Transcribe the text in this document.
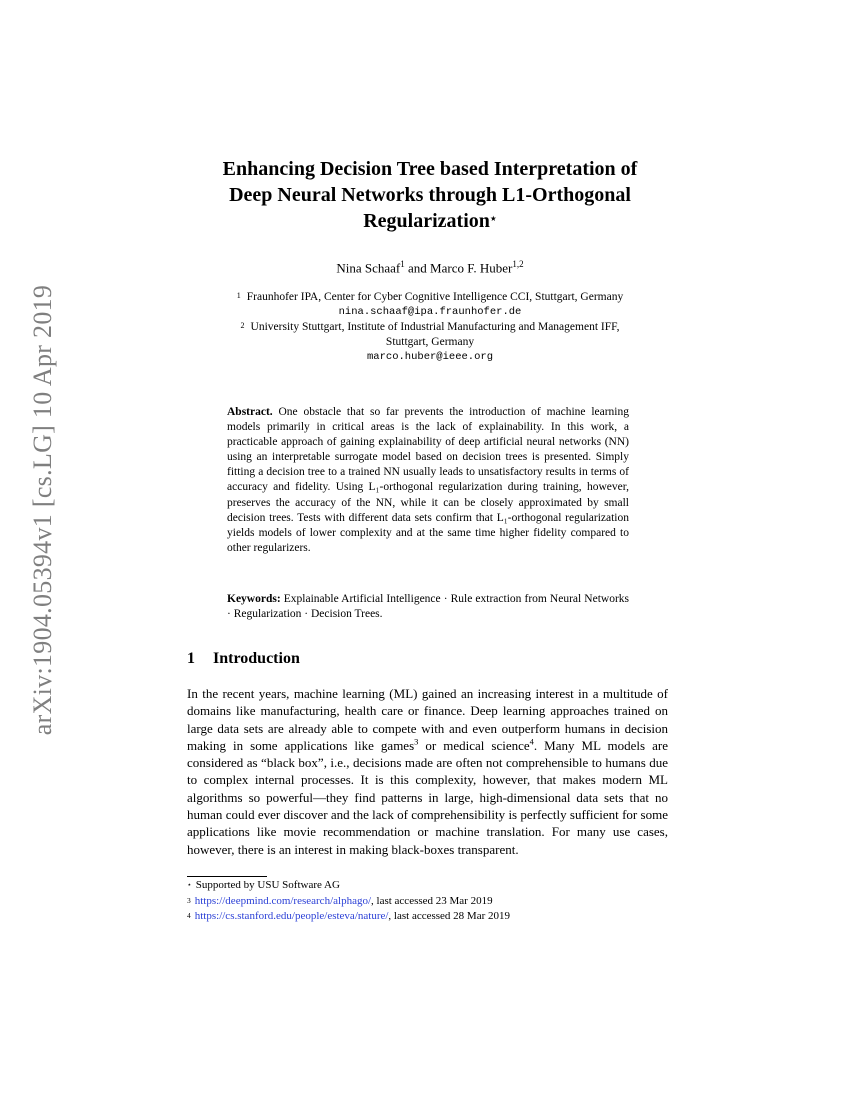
arXiv:1904.05394v1 [cs.LG] 10 Apr 2019
Enhancing Decision Tree based Interpretation of
Deep Neural Networks through L1-Orthogonal
Regularization⋆
Nina Schaaf$^1$ and Marco F. Huber$^{1,2}$
$^1$ Fraunhofer IPA, Center for Cyber Cognitive Intelligence CCI, Stuttgart, Germany
nina.schaaf@ipa.fraunhofer.de
$^2$ University Stuttgart, Institute of Industrial Manufacturing and Management IFF,
Stuttgart, Germany
marco.huber@ieee.org
Abstract. One obstacle that so far prevents the introduction of machine learning models primarily in critical areas is the lack of explainability. In this work, a practicable approach of gaining explainability of deep artificial neural networks (NN) using an interpretable surrogate model based on decision trees is presented. Simply fitting a decision tree to a trained NN usually leads to unsatisfactory results in terms of accuracy and fidelity. Using L₁-orthogonal regularization during training, however, preserves the accuracy of the NN, while it can be closely approximated by small decision trees. Tests with different data sets confirm that L₁-orthogonal regularization yields models of lower complexity and at the same time higher fidelity compared to other regularizers.
Keywords: Explainable Artificial Intelligence · Rule extraction from Neural Networks · Regularization · Decision Trees.
1 Introduction
In the recent years, machine learning (ML) gained an increasing interest in a multitude of domains like manufacturing, health care or finance. Deep learning approaches trained on large data sets are already able to compete with and even outperform humans in decision making in some applications like games$^3$ or medical science$^4$. Many ML models are considered as “black box”, i.e., decisions made are often not comprehensible to humans due to complex internal processes. It is this complexity, however, that makes modern ML algorithms so powerful—they find patterns in large, high-dimensional data sets that no human could ever discover and the lack of comprehensibility is perfectly sufficient for some applications like movie recommendation or machine translation. For many use cases, however, there is an interest in making black-boxes transparent.
⋆ Supported by USU Software AG
$^3$ https://deepmind.com/research/alphago/, last accessed 23 Mar 2019
$^4$ https://cs.stanford.edu/people/esteva/nature/, last accessed 28 Mar 2019
